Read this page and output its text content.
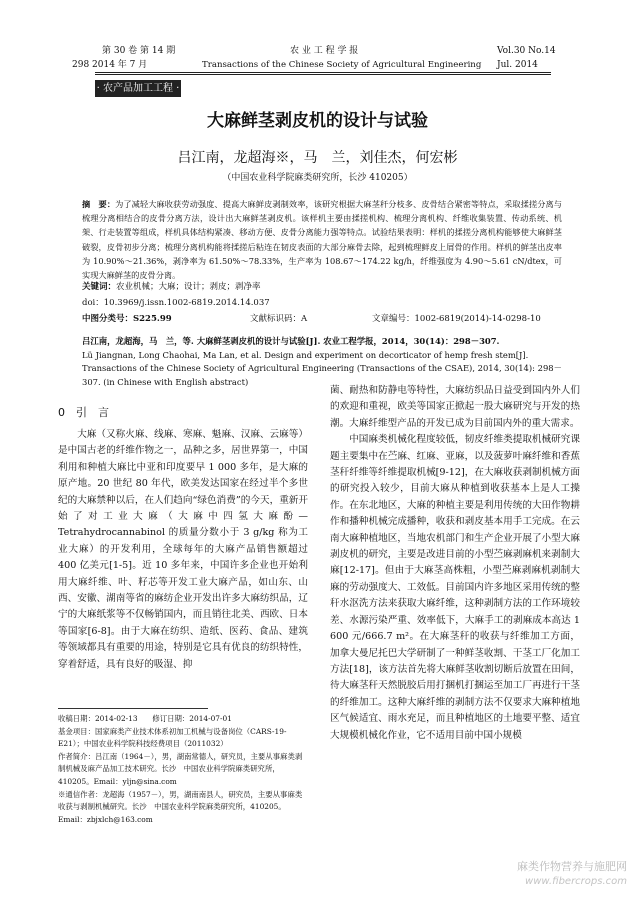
第 30 卷 第 14 期
298 2014 年 7 月
农 业 工 程 学 报
Transactions of the Chinese Society of Agricultural Engineering
Vol.30 No.14
Jul. 2014
· 农产品加工工程 ·
大麻鲜茎剥皮机的设计与试验
吕江南，龙超海※，马　兰，刘佳杰，何宏彬
（中国农业科学院麻类研究所，长沙 410205）
摘　要：为了减轻大麻收获劳动强度、提高大麻鲜皮剥制效率，该研究根据大麻茎秆分枝多、皮骨结合紧密等特点，采取揉搓分离与梳理分离相结合的皮骨分离方法，设计出大麻鲜茎剥皮机。该样机主要由揉搓机构、梳理分离机构、纤维收集装置、传动系统、机架、行走装置等组成，样机具体结构紧凑、移动方便、皮骨分离能力强等特点。试验结果表明：样机的揉搓分离机构能够使大麻鲜茎破裂，皮骨初步分离；梳理分离机构能将揉搓后粘连在韧皮表面的大部分麻骨去除，起到梳理鲜皮上屑骨的作用。样机的鲜茎出皮率为 10.90%～21.36%，剥净率为 61.50%～78.33%，生产率为 108.67～174.22 kg/h，纤维强度为 4.90～5.61 cN/dtex，可实现大麻鲜茎的皮骨分离。
关键词：农业机械；大麻；设计；剥皮；剥净率
doi：10.3969/j.issn.1002-6819.2014.14.037
中图分类号：S225.99	文献标识码：A	文章编号：1002-6819(2014)-14-0298-10
吕江南，龙超海，马　兰，等. 大麻鲜茎剥皮机的设计与试验[J]. 农业工程学报，2014，30(14)：298－307.
Lü Jiangnan, Long Chaohai, Ma Lan, et al. Design and experiment on decorticator of hemp fresh stem[J]. Transactions of the Chinese Society of Agricultural Engineering (Transactions of the CSAE), 2014, 30(14): 298－307. (in Chinese with English abstract)
0　引　言

大麻（又称火麻、线麻、寒麻、魁麻、汉麻、云麻等）是中国古老的纤维作物之一，品种之多，居世界第一，中国利用和种植大麻比中亚和印度要早 1 000 多年，是大麻的原产地。20 世纪 80 年代，欧美发达国家在经过半个多世纪的大麻禁种以后，在人们趋向“绿色消费”的今天，重新开始了对工业大麻（大麻中四氢大麻酚—Tetrahydrocannabinol 的质量分数小于 3 g/kg 称为工业大麻）的开发利用，全球每年的大麻产品销售额超过 400 亿美元[1-5]。近 10 多年来，中国许多企业也开始利用大麻纤维、叶、籽芯等开发工业大麻产品，如山东、山西、安徽、湖南等省的麻纺企业开发出许多大麻纺织品，辽宁的大麻纸浆等不仅畅销国内，而且销往北美、西欧、日本等国家[6-8]。由于大麻在纺织、造纸、医药、食品、建筑等领域都具有重要的用途，特别是它具有优良的纺织特性，穿着舒适，具有良好的吸湿、抑

菌、耐热和防静电等特性，大麻纺织品日益受到国内外人们的欢迎和重视，欧美等国家正掀起一股大麻研究与开发的热潮。大麻纤维型产品的开发已成为目前国内外的重大需求。

中国麻类机械化程度较低，韧皮纤维类提取机械研究课题主要集中在苎麻、红麻、亚麻，以及菠萝叶麻纤维和香蕉茎秆纤维等纤维提取机械[9-12]，在大麻收获剥制机械方面的研究投入较少，目前大麻从种植到收获基本上是人工操作。在东北地区，大麻的种植主要是利用传统的大田作物耕作和播种机械完成播种，收获和剥皮基本用手工完成。在云南大麻种植地区，当地农机部门和生产企业开展了小型大麻剥皮机的研究，主要是改进目前的小型苎麻剥麻机来剥制大麻[12-17]。但由于大麻茎高株粗，小型苎麻剥麻机剥制大麻的劳动强度大、工效低。目前国内许多地区采用传统的整秆水沤洗方法来获取大麻纤维，这种剥制方法的工作环境较差、水源污染严重、效率低下，大麻手工的剥麻成本高达 1 600 元/666.7 m²。在大麻茎秆的收获与纤维加工方面，加拿大曼尼托巴大学研制了一种鲜茎收割、干茎工厂化加工方法[18]，该方法首先将大麻鲜茎收割切断后放置在田间，待大麻茎秆天然脱胶后用打捆机打捆运至加工厂再进行干茎的纤维加工。这种大麻纤维的剥制方法不仅要求大麻种植地区气候适宜、雨水充足，而且种植地区的土地要平整、适宜大规模机械化作业，它不适用目前中国小规模

收稿日期：2014-02-13　　修订日期：2014-07-01
基金项目：国家麻类产业技术体系初加工机械与设备岗位（CARS-19-E21）；中国农业科学院科技经费项目（2011032）
作者简介：吕江南（1964－），男，湖南常德人，研究员，主要从事麻类剥制机械及麻产品加工技术研究。长沙　中国农业科学院麻类研究所，410205。Email：yljn@sina.com
※通信作者：龙超海（1957－），男，湖南南县人，研究员，主要从事麻类收获与剥制机械研究。长沙　中国农业科学院麻类研究所，410205。Email：zbjxlch@163.com
麻类作物营养与施肥网
www.fibercrops.com
